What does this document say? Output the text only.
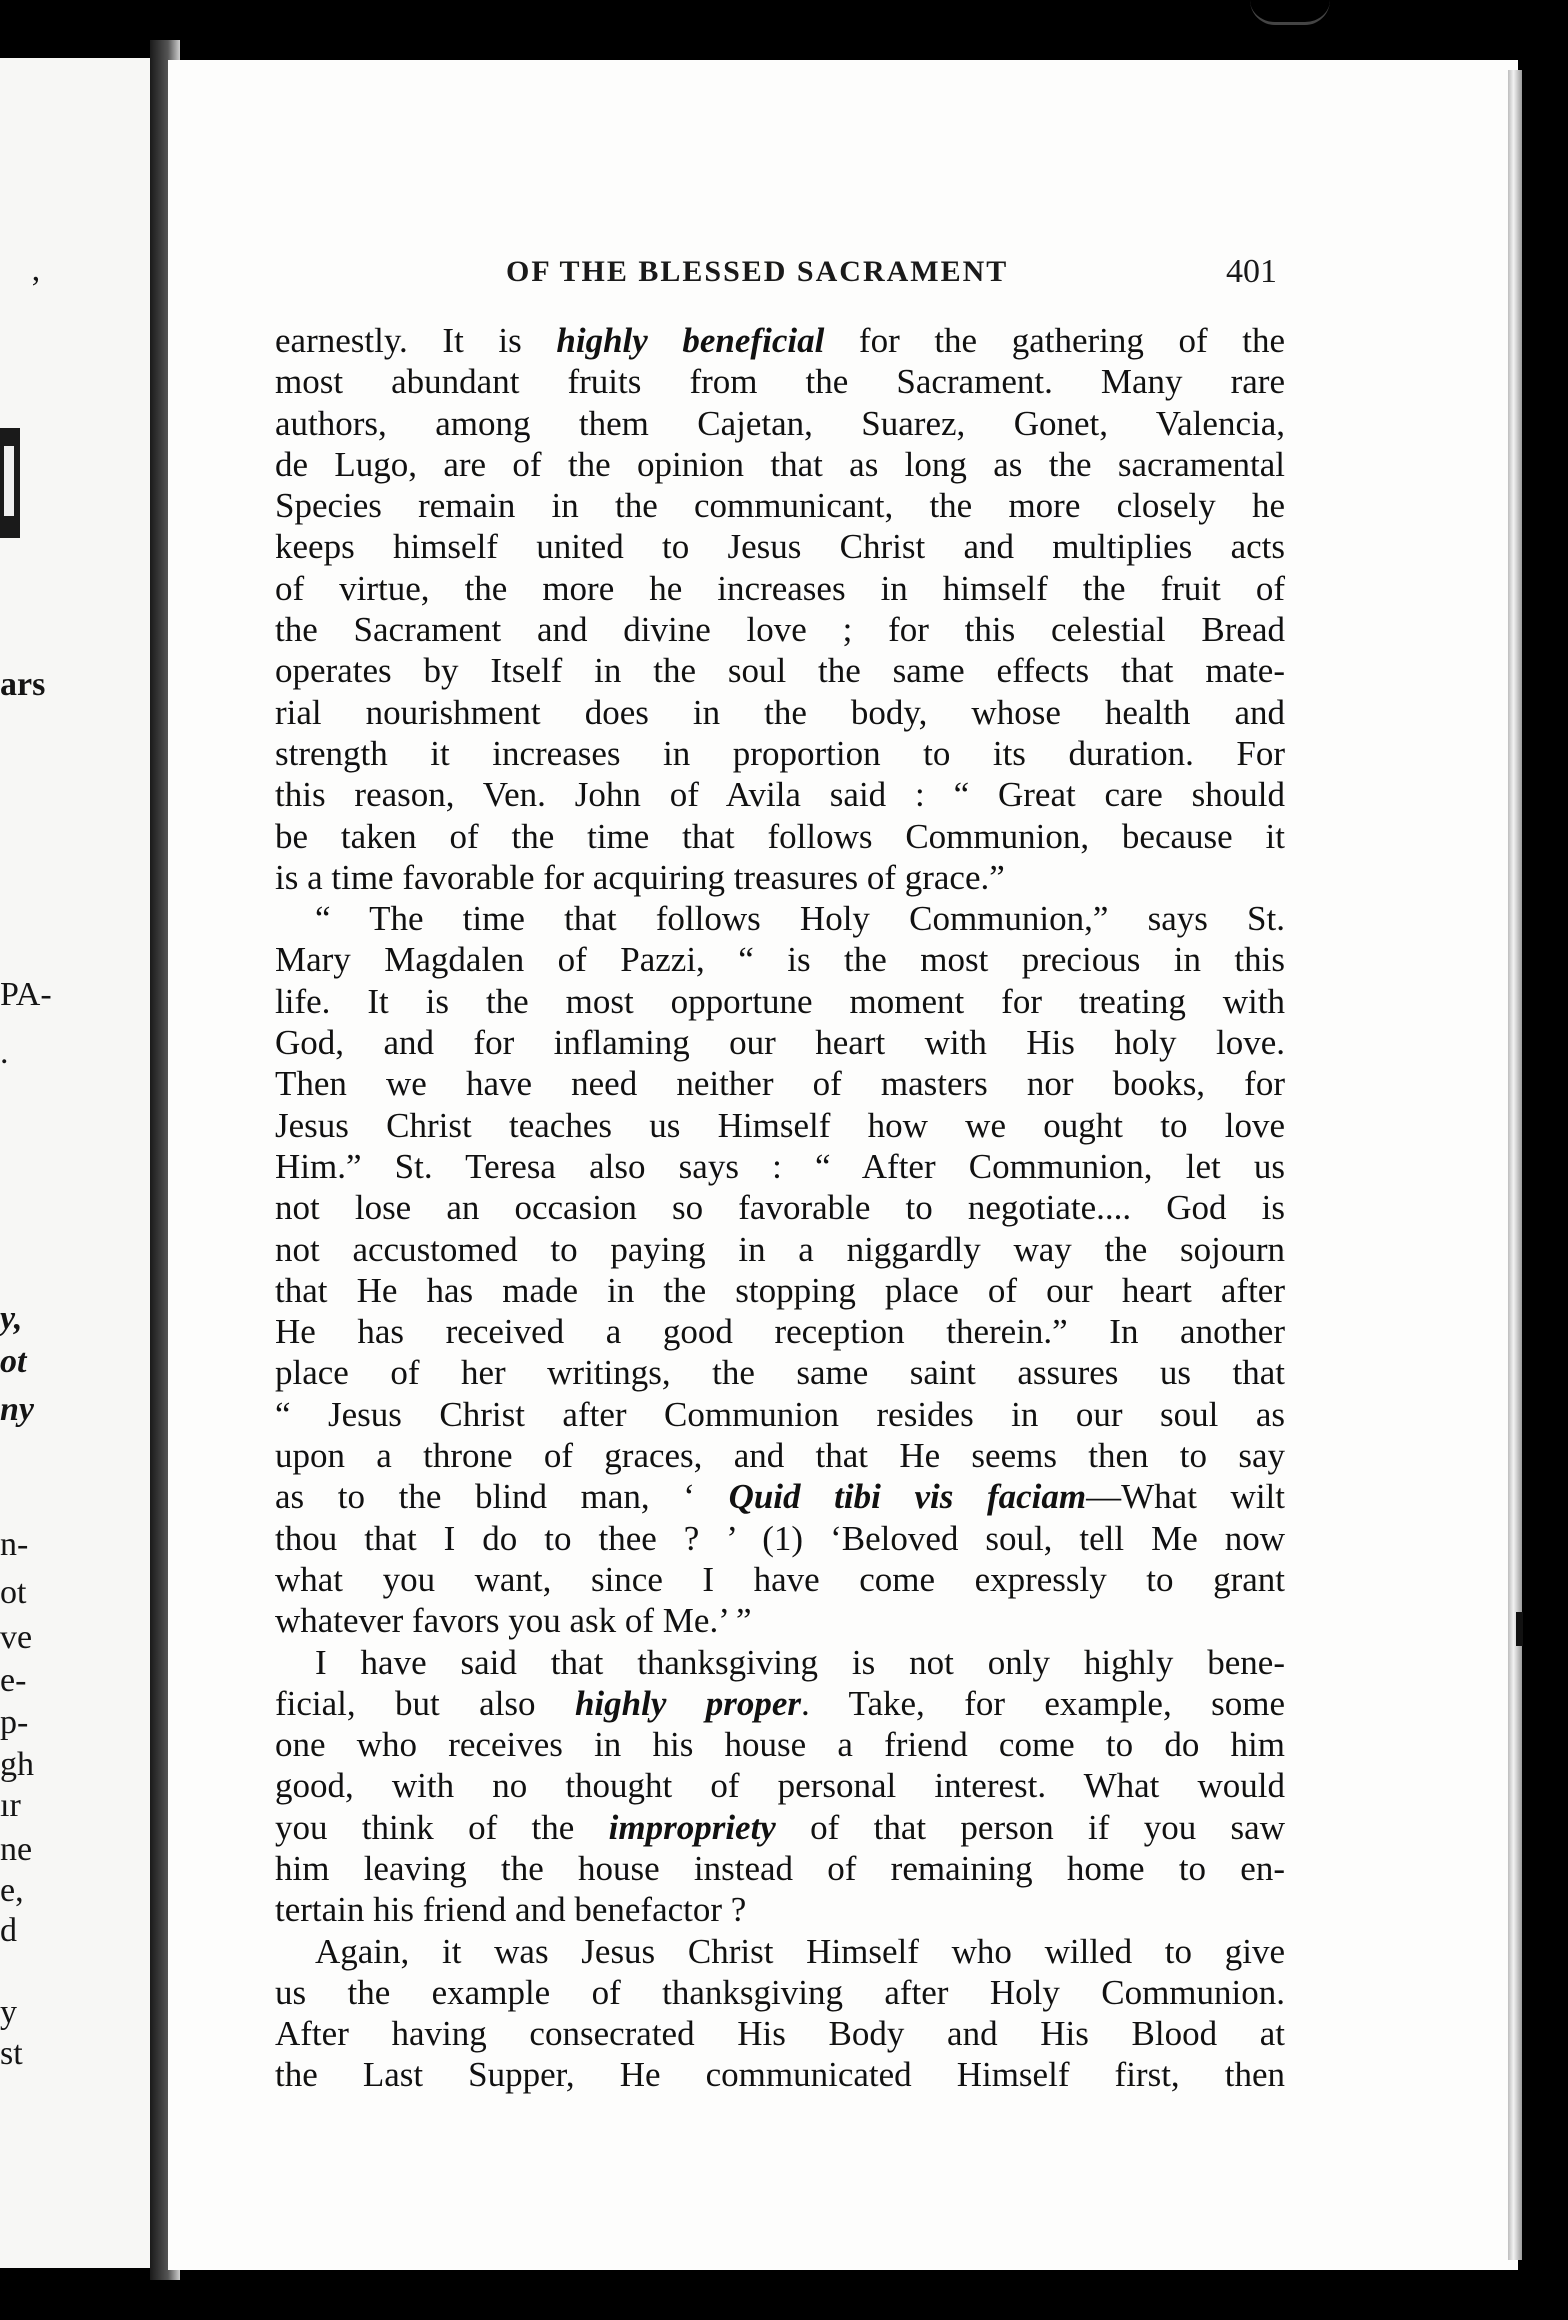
’
ars
PA-
.
y,
ot
ny
n-
ot
ve
e-
p-
gh
ır
ne
e,
d
y
st
OF THE BLESSED SACRAMENT	401
earnestly. It is highly beneficial for the gathering of the
most abundant fruits from the Sacrament. Many rare
authors, among them Cajetan, Suarez, Gonet, Valencia,
de Lugo, are of the opinion that as long as the sacramental
Species remain in the communicant, the more closely he
keeps himself united to Jesus Christ and multiplies acts
of virtue, the more he increases in himself the fruit of
the Sacrament and divine love ; for this celestial Bread
operates by Itself in the soul the same effects that mate-
rial nourishment does in the body, whose health and
strength it increases in proportion to its duration. For
this reason, Ven. John of Avila said : “ Great care should
be taken of the time that follows Communion, because it
is a time favorable for acquiring treasures of grace.”
“ The time that follows Holy Communion,” says St.
Mary Magdalen of Pazzi, “ is the most precious in this
life. It is the most opportune moment for treating with
God, and for inflaming our heart with His holy love.
Then we have need neither of masters nor books, for
Jesus Christ teaches us Himself how we ought to love
Him.” St. Teresa also says : “ After Communion, let us
not lose an occasion so favorable to negotiate.... God is
not accustomed to paying in a niggardly way the sojourn
that He has made in the stopping place of our heart after
He has received a good reception therein.” In another
place of her writings, the same saint assures us that
“ Jesus Christ after Communion resides in our soul as
upon a throne of graces, and that He seems then to say
as to the blind man, ‘ Quid tibi vis faciam—What wilt
thou that I do to thee ? ’ (1) ‘Beloved soul, tell Me now
what you want, since I have come expressly to grant
whatever favors you ask of Me.’ ”
I have said that thanksgiving is not only highly bene-
ficial, but also highly proper. Take, for example, some
one who receives in his house a friend come to do him
good, with no thought of personal interest. What would
you think of the impropriety of that person if you saw
him leaving the house instead of remaining home to en-
tertain his friend and benefactor ?
Again, it was Jesus Christ Himself who willed to give
us the example of thanksgiving after Holy Communion.
After having consecrated His Body and His Blood at
the Last Supper, He communicated Himself first, then
